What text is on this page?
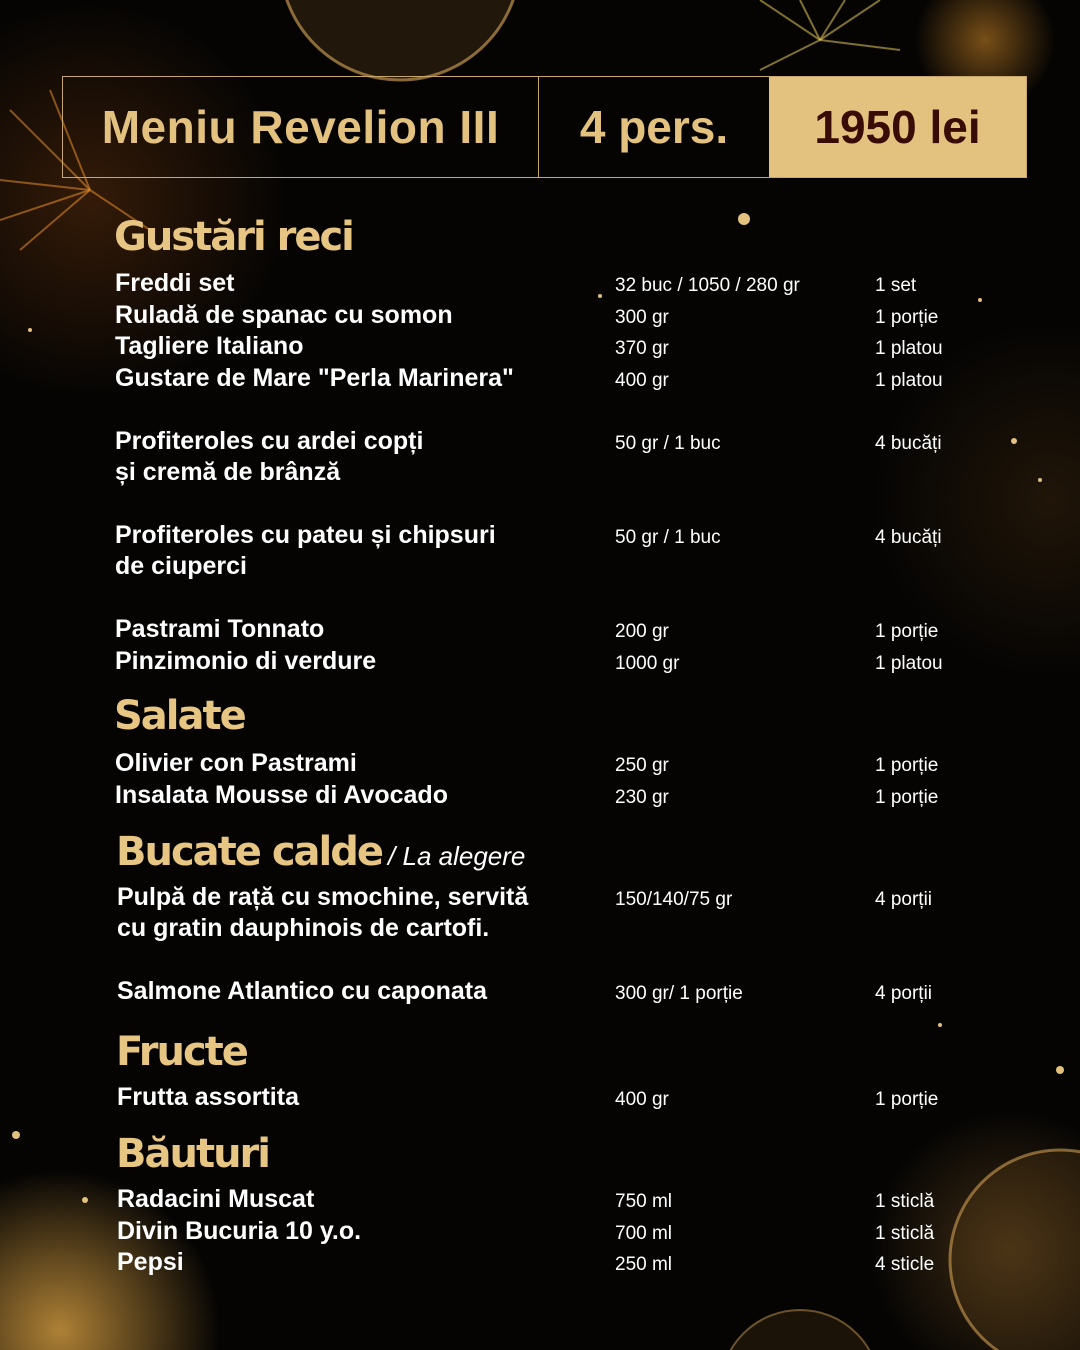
Meniu Revelion III	4 pers.	1950 lei
Gustări reci
Freddi set	32 buc / 1050 / 280 gr	1 set
Ruladă de spanac cu somon	300 gr	1 porție
Tagliere Italiano	370 gr	1 platou
Gustare de Mare "Perla Marinera"	400 gr	1 platou
Profiteroles cu ardei copți
și cremă de brânză
50 gr / 1 buc	4 bucăți
Profiteroles cu pateu și chipsuri
de ciuperci
50 gr / 1 buc	4 bucăți
Pastrami Tonnato	200 gr	1 porție
Pinzimonio di verdure	1000 gr	1 platou
Salate
Olivier con Pastrami	250 gr	1 porție
Insalata Mousse di Avocado	230 gr	1 porție
Bucate calde / La alegere
Pulpă de rață cu smochine, servită
cu gratin dauphinois de cartofi.
150/140/75 gr	4 porții
Salmone Atlantico cu caponata	300 gr/ 1 porție	4 porții
Fructe
Frutta assortita	400 gr	1 porție
Băuturi
Radacini Muscat	750 ml	1 sticlă
Divin Bucuria 10 y.o.	700 ml	1 sticlă
Pepsi	250 ml	4 sticle
